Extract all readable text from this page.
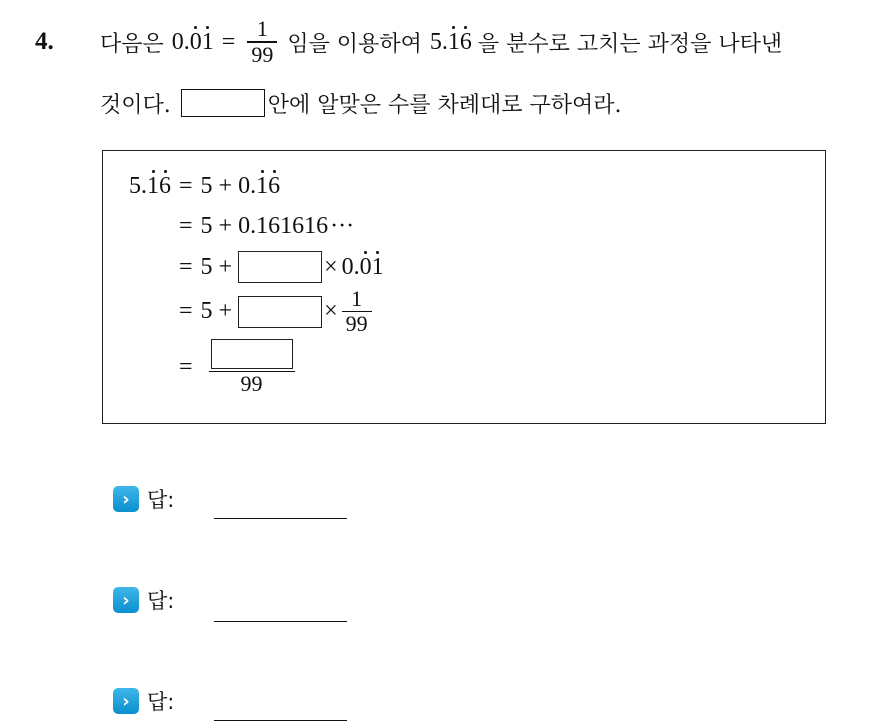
4. 다음은 $0.01 = \frac{1}{99}$ 임을 이용하여 5.16 을 분수로 고치는 과정을 나타낸
것이다.	안에 알맞은 수를 차례대로 구하여라.
5. 1 6 = 5 + 0. 1 6
= 5 + 0.161616 ···
= 5 +	× 0. 0 1
= 5 +	× $\frac{1}{99}$
=
99
› 답:
› 답:
› 답:
